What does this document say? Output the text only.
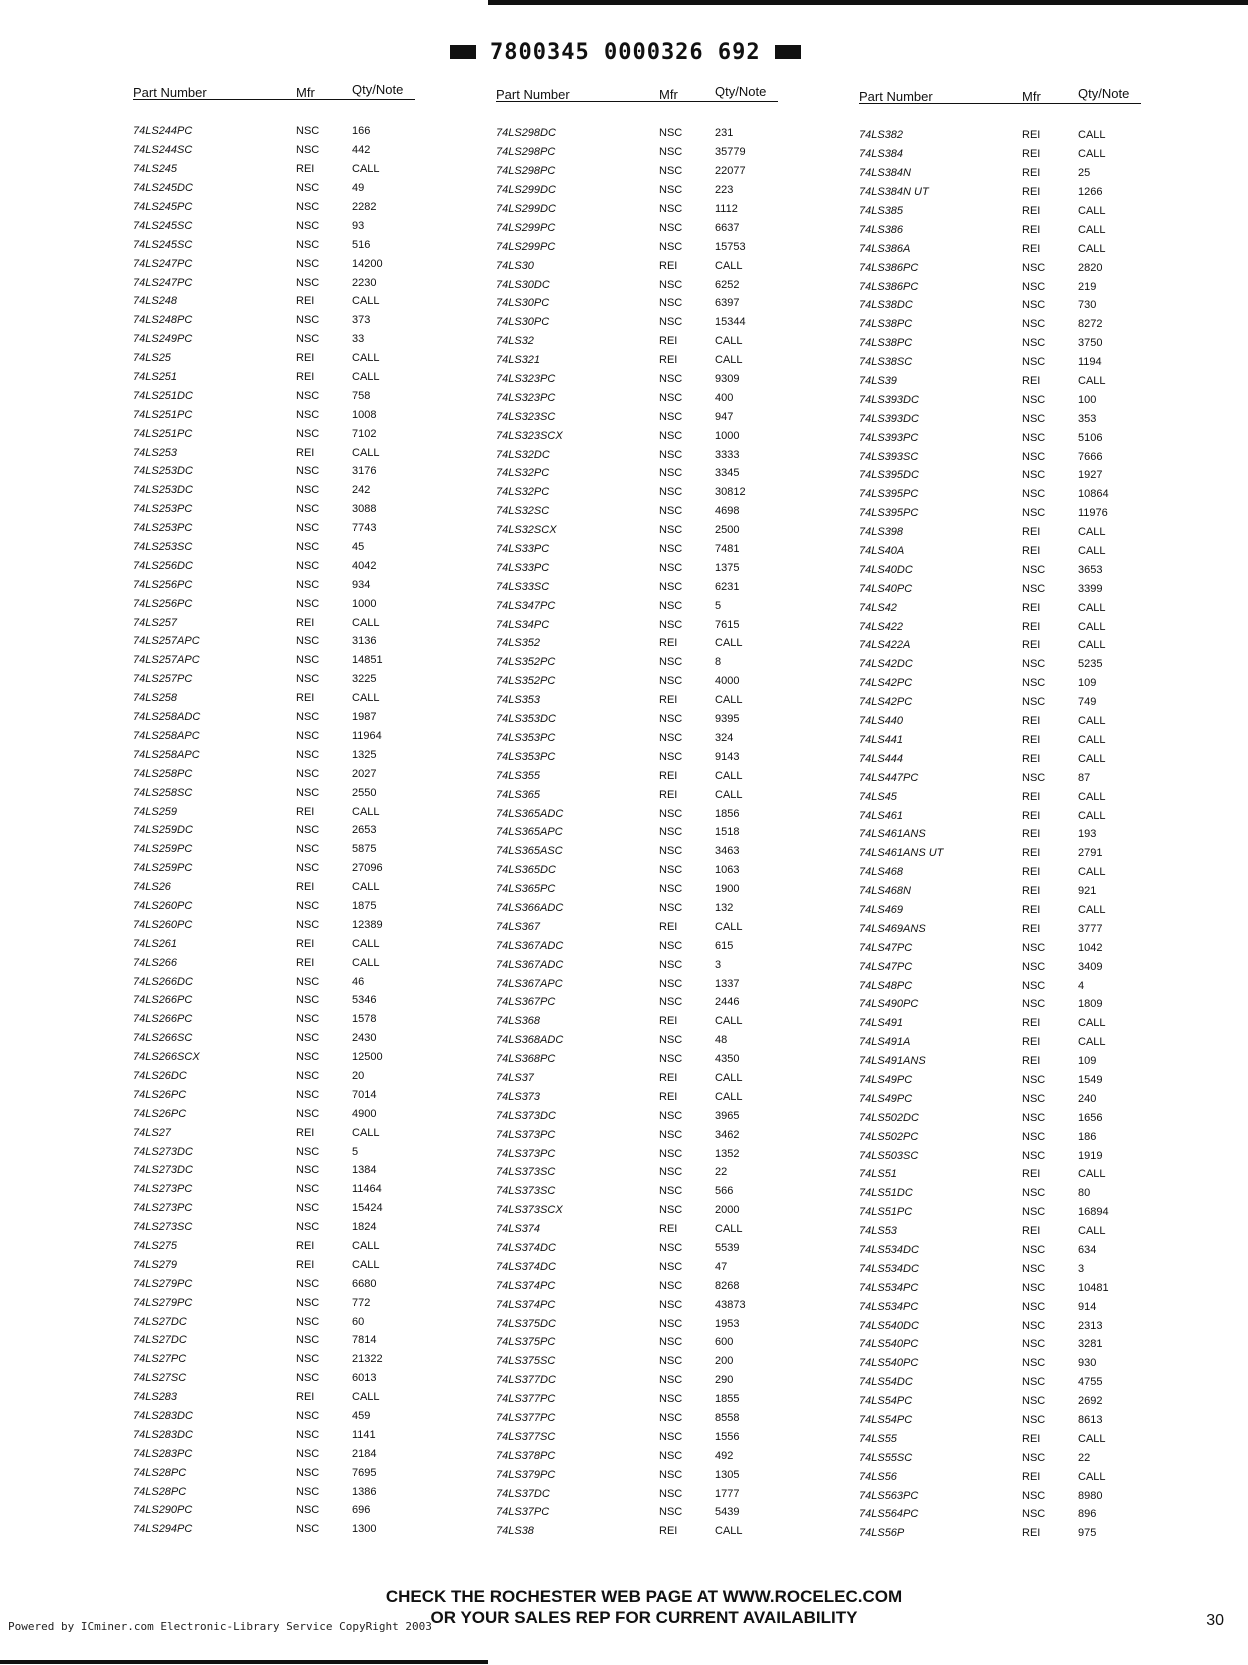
7800345 0000326 692
Part Number	Mfr	Qty/Note
74LS244PC	NSC	166
74LS244SC	NSC	442
74LS245	REI	CALL
74LS245DC	NSC	49
74LS245PC	NSC	2282
74LS245SC	NSC	93
74LS245SC	NSC	516
74LS247PC	NSC	14200
74LS247PC	NSC	2230
74LS248	REI	CALL
74LS248PC	NSC	373
74LS249PC	NSC	33
74LS25	REI	CALL
74LS251	REI	CALL
74LS251DC	NSC	758
74LS251PC	NSC	1008
74LS251PC	NSC	7102
74LS253	REI	CALL
74LS253DC	NSC	3176
74LS253DC	NSC	242
74LS253PC	NSC	3088
74LS253PC	NSC	7743
74LS253SC	NSC	45
74LS256DC	NSC	4042
74LS256PC	NSC	934
74LS256PC	NSC	1000
74LS257	REI	CALL
74LS257APC	NSC	3136
74LS257APC	NSC	14851
74LS257PC	NSC	3225
74LS258	REI	CALL
74LS258ADC	NSC	1987
74LS258APC	NSC	11964
74LS258APC	NSC	1325
74LS258PC	NSC	2027
74LS258SC	NSC	2550
74LS259	REI	CALL
74LS259DC	NSC	2653
74LS259PC	NSC	5875
74LS259PC	NSC	27096
74LS26	REI	CALL
74LS260PC	NSC	1875
74LS260PC	NSC	12389
74LS261	REI	CALL
74LS266	REI	CALL
74LS266DC	NSC	46
74LS266PC	NSC	5346
74LS266PC	NSC	1578
74LS266SC	NSC	2430
74LS266SCX	NSC	12500
74LS26DC	NSC	20
74LS26PC	NSC	7014
74LS26PC	NSC	4900
74LS27	REI	CALL
74LS273DC	NSC	5
74LS273DC	NSC	1384
74LS273PC	NSC	11464
74LS273PC	NSC	15424
74LS273SC	NSC	1824
74LS275	REI	CALL
74LS279	REI	CALL
74LS279PC	NSC	6680
74LS279PC	NSC	772
74LS27DC	NSC	60
74LS27DC	NSC	7814
74LS27PC	NSC	21322
74LS27SC	NSC	6013
74LS283	REI	CALL
74LS283DC	NSC	459
74LS283DC	NSC	1141
74LS283PC	NSC	2184
74LS28PC	NSC	7695
74LS28PC	NSC	1386
74LS290PC	NSC	696
74LS294PC	NSC	1300
Part Number	Mfr	Qty/Note
74LS298DC	NSC	231
74LS298PC	NSC	35779
74LS298PC	NSC	22077
74LS299DC	NSC	223
74LS299DC	NSC	1112
74LS299PC	NSC	6637
74LS299PC	NSC	15753
74LS30	REI	CALL
74LS30DC	NSC	6252
74LS30PC	NSC	6397
74LS30PC	NSC	15344
74LS32	REI	CALL
74LS321	REI	CALL
74LS323PC	NSC	9309
74LS323PC	NSC	400
74LS323SC	NSC	947
74LS323SCX	NSC	1000
74LS32DC	NSC	3333
74LS32PC	NSC	3345
74LS32PC	NSC	30812
74LS32SC	NSC	4698
74LS32SCX	NSC	2500
74LS33PC	NSC	7481
74LS33PC	NSC	1375
74LS33SC	NSC	6231
74LS347PC	NSC	5
74LS34PC	NSC	7615
74LS352	REI	CALL
74LS352PC	NSC	8
74LS352PC	NSC	4000
74LS353	REI	CALL
74LS353DC	NSC	9395
74LS353PC	NSC	324
74LS353PC	NSC	9143
74LS355	REI	CALL
74LS365	REI	CALL
74LS365ADC	NSC	1856
74LS365APC	NSC	1518
74LS365ASC	NSC	3463
74LS365DC	NSC	1063
74LS365PC	NSC	1900
74LS366ADC	NSC	132
74LS367	REI	CALL
74LS367ADC	NSC	615
74LS367ADC	NSC	3
74LS367APC	NSC	1337
74LS367PC	NSC	2446
74LS368	REI	CALL
74LS368ADC	NSC	48
74LS368PC	NSC	4350
74LS37	REI	CALL
74LS373	REI	CALL
74LS373DC	NSC	3965
74LS373PC	NSC	3462
74LS373PC	NSC	1352
74LS373SC	NSC	22
74LS373SC	NSC	566
74LS373SCX	NSC	2000
74LS374	REI	CALL
74LS374DC	NSC	5539
74LS374DC	NSC	47
74LS374PC	NSC	8268
74LS374PC	NSC	43873
74LS375DC	NSC	1953
74LS375PC	NSC	600
74LS375SC	NSC	200
74LS377DC	NSC	290
74LS377PC	NSC	1855
74LS377PC	NSC	8558
74LS377SC	NSC	1556
74LS378PC	NSC	492
74LS379PC	NSC	1305
74LS37DC	NSC	1777
74LS37PC	NSC	5439
74LS38	REI	CALL
Part Number	Mfr	Qty/Note
74LS382	REI	CALL
74LS384	REI	CALL
74LS384N	REI	25
74LS384N UT	REI	1266
74LS385	REI	CALL
74LS386	REI	CALL
74LS386A	REI	CALL
74LS386PC	NSC	2820
74LS386PC	NSC	219
74LS38DC	NSC	730
74LS38PC	NSC	8272
74LS38PC	NSC	3750
74LS38SC	NSC	1194
74LS39	REI	CALL
74LS393DC	NSC	100
74LS393DC	NSC	353
74LS393PC	NSC	5106
74LS393SC	NSC	7666
74LS395DC	NSC	1927
74LS395PC	NSC	10864
74LS395PC	NSC	11976
74LS398	REI	CALL
74LS40A	REI	CALL
74LS40DC	NSC	3653
74LS40PC	NSC	3399
74LS42	REI	CALL
74LS422	REI	CALL
74LS422A	REI	CALL
74LS42DC	NSC	5235
74LS42PC	NSC	109
74LS42PC	NSC	749
74LS440	REI	CALL
74LS441	REI	CALL
74LS444	REI	CALL
74LS447PC	NSC	87
74LS45	REI	CALL
74LS461	REI	CALL
74LS461ANS	REI	193
74LS461ANS UT	REI	2791
74LS468	REI	CALL
74LS468N	REI	921
74LS469	REI	CALL
74LS469ANS	REI	3777
74LS47PC	NSC	1042
74LS47PC	NSC	3409
74LS48PC	NSC	4
74LS490PC	NSC	1809
74LS491	REI	CALL
74LS491A	REI	CALL
74LS491ANS	REI	109
74LS49PC	NSC	1549
74LS49PC	NSC	240
74LS502DC	NSC	1656
74LS502PC	NSC	186
74LS503SC	NSC	1919
74LS51	REI	CALL
74LS51DC	NSC	80
74LS51PC	NSC	16894
74LS53	REI	CALL
74LS534DC	NSC	634
74LS534DC	NSC	3
74LS534PC	NSC	10481
74LS534PC	NSC	914
74LS540DC	NSC	2313
74LS540PC	NSC	3281
74LS540PC	NSC	930
74LS54DC	NSC	4755
74LS54PC	NSC	2692
74LS54PC	NSC	8613
74LS55	REI	CALL
74LS55SC	NSC	22
74LS56	REI	CALL
74LS563PC	NSC	8980
74LS564PC	NSC	896
74LS56P	REI	975
CHECK THE ROCHESTER WEB PAGE AT WWW.ROCELEC.COM
OR YOUR SALES REP FOR CURRENT AVAILABILITY
Powered by ICminer.com Electronic-Library Service CopyRight 2003	30
